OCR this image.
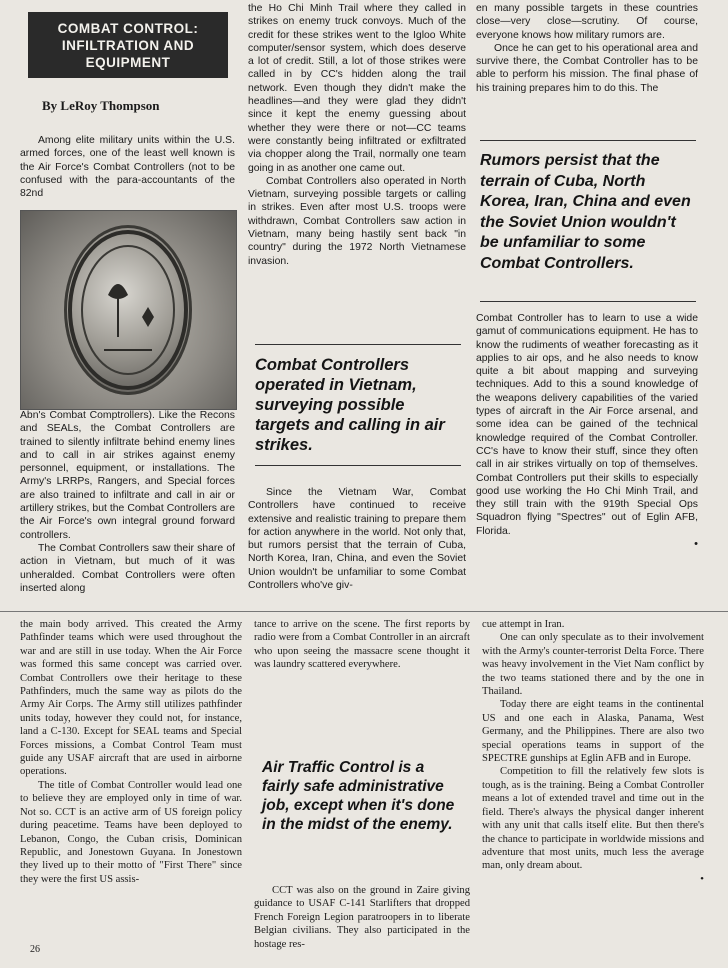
COMBAT CONTROL:
INFILTRATION AND
EQUIPMENT
By LeRoy Thompson

Among elite military units within the U.S. armed forces, one of the least well known is the Air Force's Combat Controllers (not to be confused with the para-accountants of the 82nd

Abn's Combat Comptrollers). Like the Recons and SEALs, the Combat Controllers are trained to silently infiltrate behind enemy lines and to call in air strikes against enemy personnel, equipment, or installations. The Army's LRRPs, Rangers, and Special forces are also trained to infiltrate and call in air or artillery strikes, but the Combat Controllers are the Air Force's own integral ground forward controllers.

The Combat Controllers saw their share of action in Vietnam, but much of it was unheralded. Combat Controllers were often inserted along

the Ho Chi Minh Trail where they called in strikes on enemy truck convoys. Much of the credit for these strikes went to the Igloo White computer/sensor system, which does deserve a lot of credit. Still, a lot of those strikes were called in by CC's hidden along the trail network. Even though they didn't make the headlines—and they were glad they didn't since it kept the enemy guessing about whether they were there or not—CC teams were constantly being infiltrated or exfiltrated via chopper along the Trail, normally one team going in as another one came out.

Combat Controllers also operated in North Vietnam, surveying possible targets or calling in strikes. Even after most U.S. troops were withdrawn, Combat Controllers saw action in Vietnam, many being hastily sent back "in country" during the 1972 North Vietnamese invasion.

Combat Controllers operated in Vietnam, surveying possible targets and calling in air strikes.

Since the Vietnam War, Combat Controllers have continued to receive extensive and realistic training to prepare them for action anywhere in the world. Not only that, but rumors persist that the terrain of Cuba, North Korea, Iran, China, and even the Soviet Union wouldn't be unfamiliar to some Combat Controllers who've giv-

en many possible targets in these countries close—very close—scrutiny. Of course, everyone knows how military rumors are.

Once he can get to his operational area and survive there, the Combat Controller has to be able to perform his mission. The final phase of his training prepares him to do this. The

Rumors persist that the terrain of Cuba, North Korea, Iran, China and even the Soviet Union wouldn't be unfamiliar to some Combat Controllers.

Combat Controller has to learn to use a wide gamut of communications equipment. He has to know the rudiments of weather forecasting as it applies to air ops, and he also needs to know quite a bit about mapping and surveying techniques. Add to this a sound knowledge of the weapons delivery capabilities of the varied types of aircraft in the Air Force arsenal, and some idea can be gained of the technical knowledge required of the Combat Controller. CC's have to know their stuff, since they often call in air strikes virtually on top of themselves. Combat Controllers put their skills to especially good use working the Ho Chi Minh Trail, and they still train with the 919th Special Ops Squadron flying "Spectres" out of Eglin AFB, Florida.

•

the main body arrived. This created the Army Pathfinder teams which were used throughout the war and are still in use today. When the Air Force was formed this same concept was carried over. Combat Controllers owe their heritage to these Pathfinders, much the same way as pilots do the Army Air Corps. The Army still utilizes pathfinder units today, however they could not, for instance, land a C-130. Except for SEAL teams and Special Forces missions, a Combat Control Team must guide any USAF aircraft that are used in airborne operations.

The title of Combat Controller would lead one to believe they are employed only in time of war. Not so. CCT is an active arm of US foreign policy during peacetime. Teams have been deployed to Lebanon, Congo, the Cuban crisis, Dominican Republic, and Jonestown Guyana. In Jonestown they lived up to their motto of "First There" since they were the first US assis-

tance to arrive on the scene. The first reports by radio were from a Combat Controller in an aircraft who upon seeing the massacre scene thought it was laundry scattered everywhere.

Air Traffic Control is a fairly safe administrative job, except when it's done in the midst of the enemy.

CCT was also on the ground in Zaire giving guidance to USAF C-141 Starlifters that dropped French Foreign Legion paratroopers in to liberate Belgian civilians. They also participated in the hostage res-

cue attempt in Iran.

One can only speculate as to their involvement with the Army's counter-terrorist Delta Force. There was heavy involvement in the Viet Nam conflict by the two teams stationed there and by the one in Thailand.

Today there are eight teams in the continental US and one each in Alaska, Panama, West Germany, and the Philippines. There are also two special operations teams in support of the SPECTRE gunships at Eglin AFB and in Europe.

Competition to fill the relatively few slots is tough, as is the training. Being a Combat Controller means a lot of extended travel and time out in the field. There's always the physical danger inherent with any unit that calls itself elite. But then there's the chance to participate in worldwide missions and adventure that most units, much less the average man, only dream about.

•
26
